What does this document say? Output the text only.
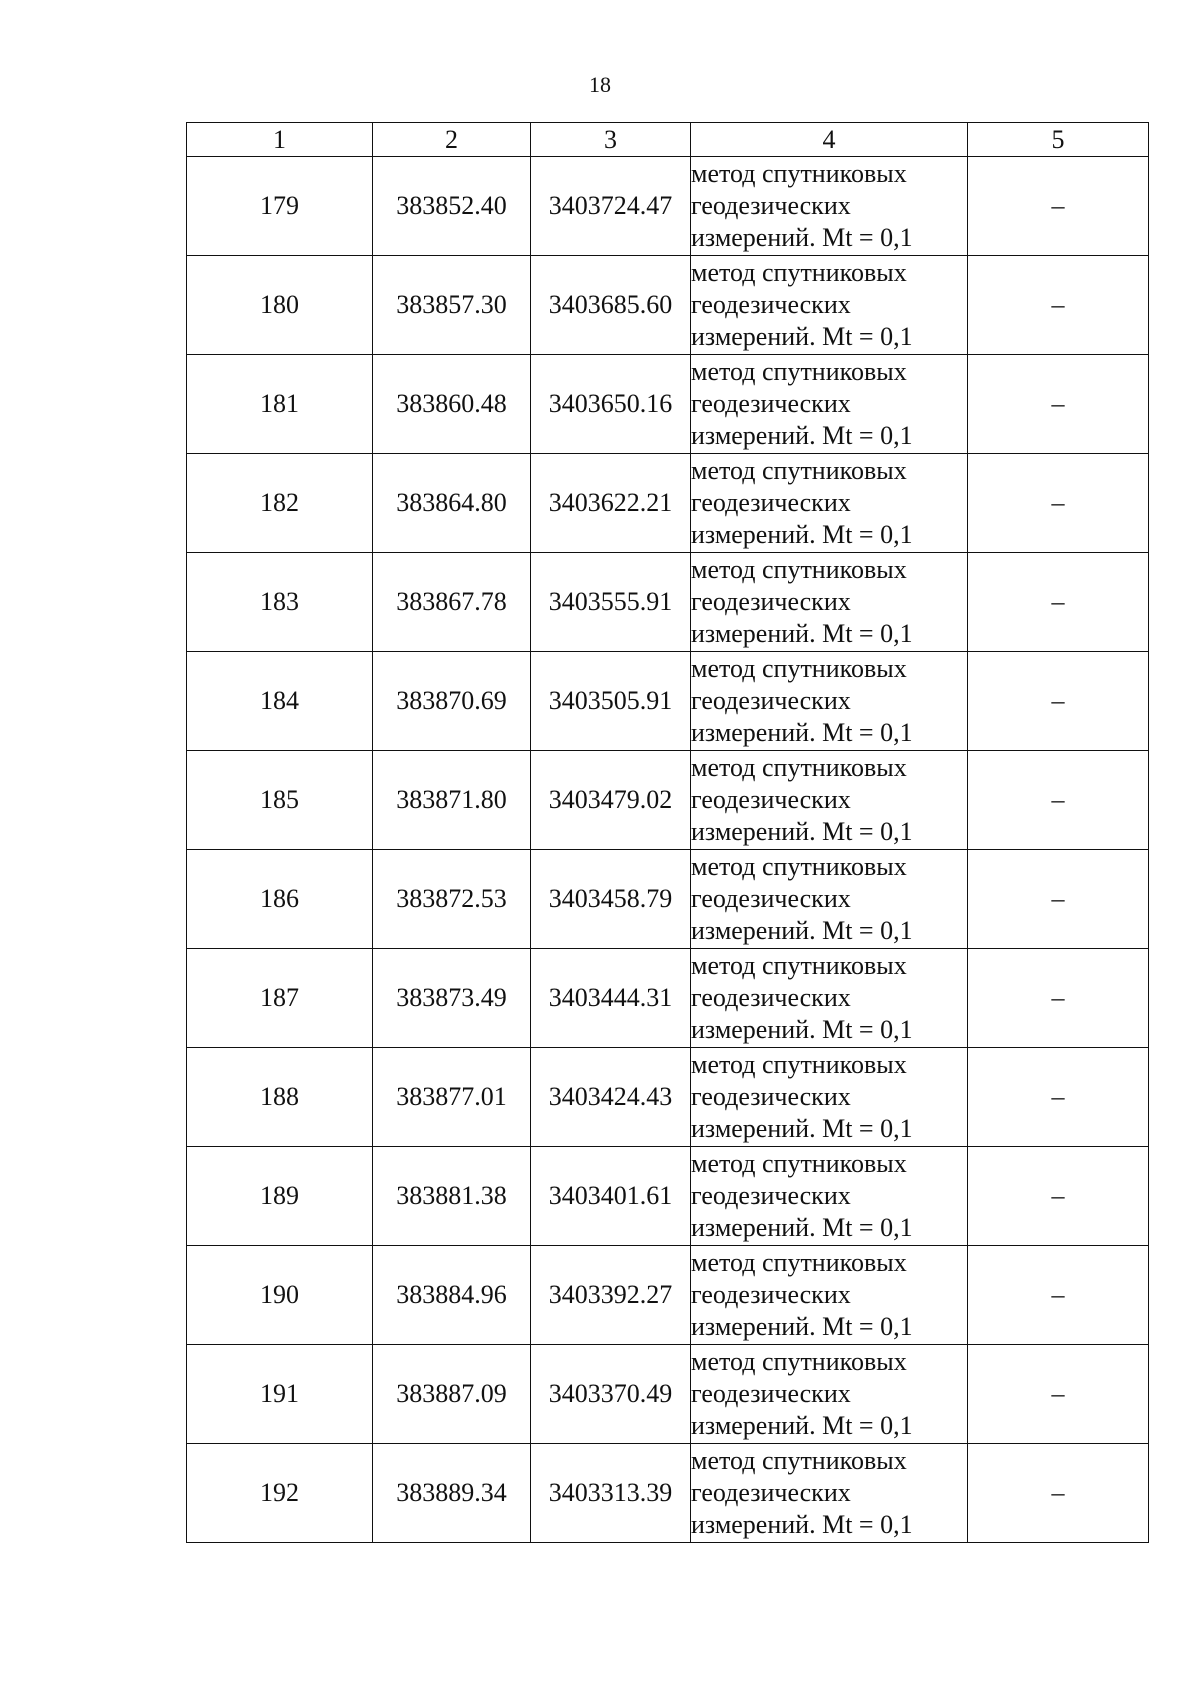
18
1	2	3	4	5
179	383852.40	3403724.47	метод спутниковых
геодезических
измерений. Mt = 0,1	–
180	383857.30	3403685.60	метод спутниковых
геодезических
измерений. Mt = 0,1	–
181	383860.48	3403650.16	метод спутниковых
геодезических
измерений. Mt = 0,1	–
182	383864.80	3403622.21	метод спутниковых
геодезических
измерений. Mt = 0,1	–
183	383867.78	3403555.91	метод спутниковых
геодезических
измерений. Mt = 0,1	–
184	383870.69	3403505.91	метод спутниковых
геодезических
измерений. Mt = 0,1	–
185	383871.80	3403479.02	метод спутниковых
геодезических
измерений. Mt = 0,1	–
186	383872.53	3403458.79	метод спутниковых
геодезических
измерений. Mt = 0,1	–
187	383873.49	3403444.31	метод спутниковых
геодезических
измерений. Mt = 0,1	–
188	383877.01	3403424.43	метод спутниковых
геодезических
измерений. Mt = 0,1	–
189	383881.38	3403401.61	метод спутниковых
геодезических
измерений. Mt = 0,1	–
190	383884.96	3403392.27	метод спутниковых
геодезических
измерений. Mt = 0,1	–
191	383887.09	3403370.49	метод спутниковых
геодезических
измерений. Mt = 0,1	–
192	383889.34	3403313.39	метод спутниковых
геодезических
измерений. Mt = 0,1	–
